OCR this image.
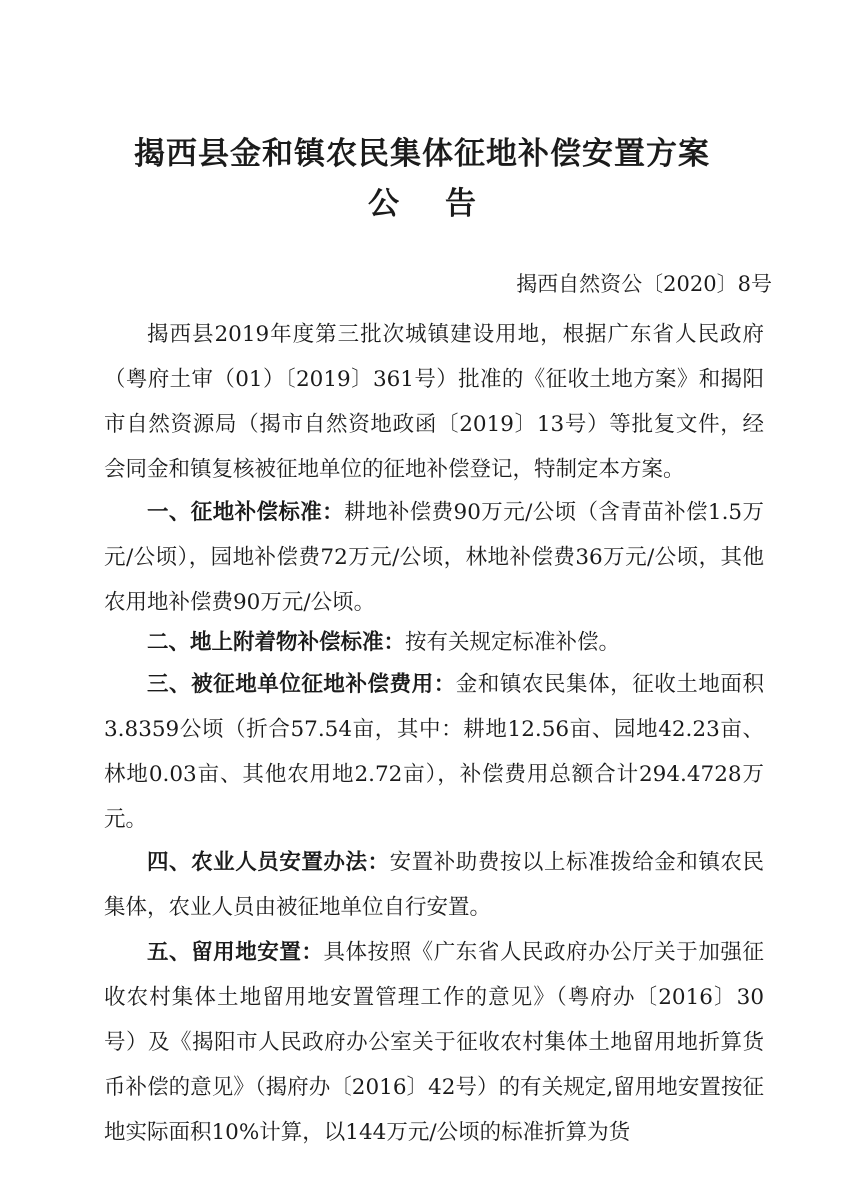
揭西县金和镇农民集体征地补偿安置方案
公告
揭西自然资公〔2020〕8号

揭西县2019年度第三批次城镇建设用地，根据广东省人民政府（粤府土审（01）〔2019〕361号）批准的《征收土地方案》和揭阳市自然资源局（揭市自然资地政函〔2019〕13号）等批复文件，经会同金和镇复核被征地单位的征地补偿登记，特制定本方案。

一、征地补偿标准：耕地补偿费90万元/公顷（含青苗补偿1.5万元/公顷），园地补偿费72万元/公顷，林地补偿费36万元/公顷，其他农用地补偿费90万元/公顷。

二、地上附着物补偿标准：按有关规定标准补偿。

三、被征地单位征地补偿费用：金和镇农民集体，征收土地面积3.8359公顷（折合57.54亩，其中：耕地12.56亩、园地42.23亩、林地0.03亩、其他农用地2.72亩），补偿费用总额合计294.4728万元。

四、农业人员安置办法：安置补助费按以上标准拨给金和镇农民集体，农业人员由被征地单位自行安置。

五、留用地安置：具体按照《广东省人民政府办公厅关于加强征收农村集体土地留用地安置管理工作的意见》（粤府办〔2016〕30号）及《揭阳市人民政府办公室关于征收农村集体土地留用地折算货币补偿的意见》（揭府办〔2016〕42号）的有关规定,留用地安置按征地实际面积10%计算，以144万元/公顷的标准折算为货
